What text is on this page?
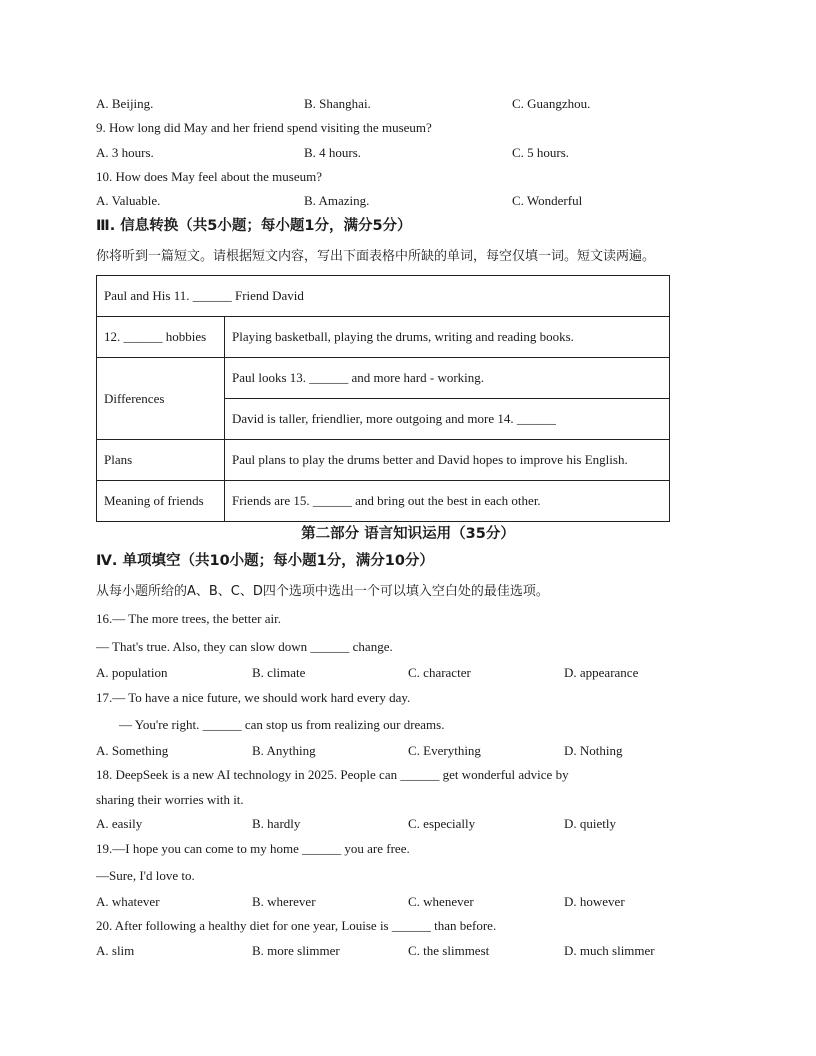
A. Beijing.	B. Shanghai.	C. Guangzhou.
9. How long did May and her friend spend visiting the museum?
A. 3 hours.	B. 4 hours.	C. 5 hours.
10. How does May feel about the museum?
A. Valuable.	B. Amazing.	C. Wonderful
Ⅲ. 信息转换（共5小题；每小题1分，满分5分）
你将听到一篇短文。请根据短文内容，写出下面表格中所缺的单词，每空仅填一词。短文读两遍。
Paul and His 11. ______ Friend David	
12. ______ hobbies	Playing basketball, playing the drums, writing and reading books.
Differences	Paul looks 13. ______ and more hard - working.
	David is taller, friendlier, more outgoing and more 14. ______
Plans	Paul plans to play the drums better and David hopes to improve his English.
Meaning of friends	Friends are 15. ______ and bring out the best in each other.
第二部分 语言知识运用（35分）
Ⅳ. 单项填空（共10小题；每小题1分，满分10分）
从每小题所给的A、B、C、D四个选项中选出一个可以填入空白处的最佳选项。
16.— The more trees, the better air.
— That's true. Also, they can slow down ______ change.
A. population	B. climate	C. character	D. appearance
17.— To have a nice future, we should work hard every day.
— You're right. ______ can stop us from realizing our dreams.
A. Something	B. Anything	C. Everything	D. Nothing
18. DeepSeek is a new AI technology in 2025. People can ______ get wonderful advice by
sharing their worries with it.
A. easily	B. hardly	C. especially	D. quietly
19.—I hope you can come to my home ______ you are free.
—Sure, I'd love to.
A. whatever	B. wherever	C. whenever	D. however
20. After following a healthy diet for one year, Louise is ______ than before.
A. slim	B. more slimmer	C. the slimmest	D. much slimmer
